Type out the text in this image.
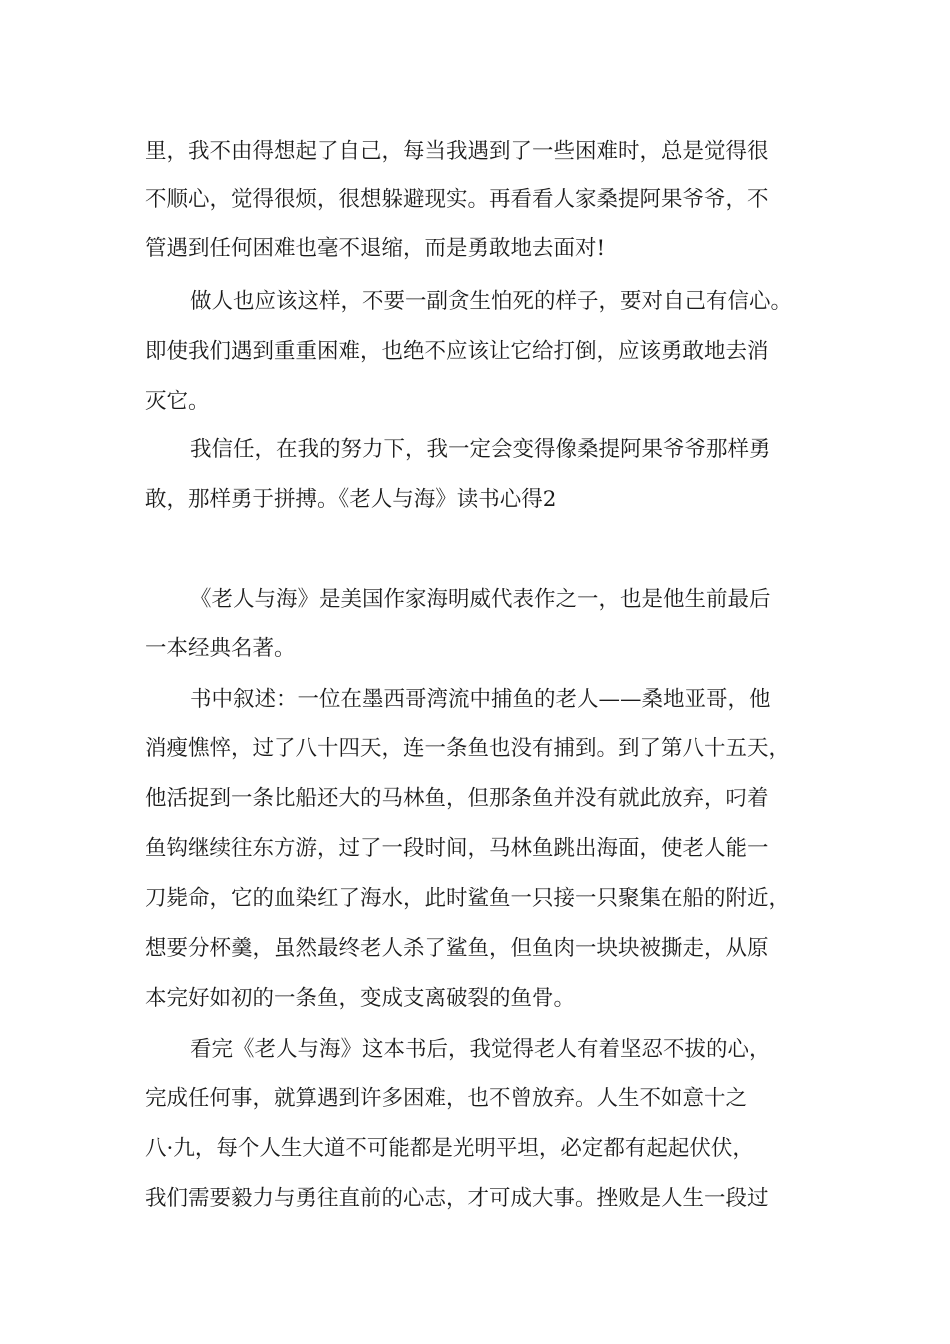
里，我不由得想起了自己，每当我遇到了一些困难时，总是觉得很
不顺心，觉得很烦，很想躲避现实。再看看人家桑提阿果爷爷，不
管遇到任何困难也毫不退缩，而是勇敢地去面对!
做人也应该这样，不要一副贪生怕死的样子，要对自己有信心。
即使我们遇到重重困难，也绝不应该让它给打倒，应该勇敢地去消
灭它。
我信任，在我的努力下，我一定会变得像桑提阿果爷爷那样勇
敢，那样勇于拼搏。《老人与海》读书心得2
《老人与海》是美国作家海明威代表作之一，也是他生前最后
一本经典名著。
书中叙述：一位在墨西哥湾流中捕鱼的老人——桑地亚哥，他
消瘦憔悴，过了八十四天，连一条鱼也没有捕到。到了第八十五天，
他活捉到一条比船还大的马林鱼，但那条鱼并没有就此放弃，叼着
鱼钩继续往东方游，过了一段时间，马林鱼跳出海面，使老人能一
刀毙命，它的血染红了海水，此时鲨鱼一只接一只聚集在船的附近，
想要分杯羹，虽然最终老人杀了鲨鱼，但鱼肉一块块被撕走，从原
本完好如初的一条鱼，变成支离破裂的鱼骨。
看完《老人与海》这本书后，我觉得老人有着坚忍不拔的心，
完成任何事，就算遇到许多困难，也不曾放弃。人生不如意十之
八·九，每个人生大道不可能都是光明平坦，必定都有起起伏伏，
我们需要毅力与勇往直前的心志，才可成大事。挫败是人生一段过
